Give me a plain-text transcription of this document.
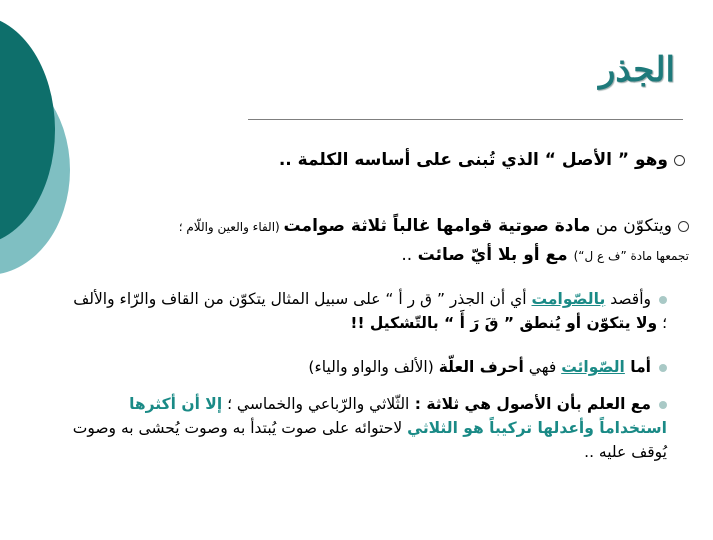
الجذر
وهو ” الأصل “ الذي تُبنى على أساسه الكلمة ..
ويتكوّن من مادة صوتية قوامها غالباً ثلاثة صوامت (الفاء والعين واللّام ؛
تجمعها مادة ”ف ع ل“) مع أو بلا أيّ صائت ..
وأقصد بالصّوامت أي أن الجذر ” ق ر أ “ على سبيل المثال يتكوّن من القاف والرّاء والألف ؛ ولا يتكوّن أو يُنطق ” قَ رَ أَ “ بالتّشكيل !!
أما الصّوائت فهي أحرف العلّة (الألف والواو والياء)
مع العلم بأن الأصول هي ثلاثة : الثّلاثي والرّباعي والخماسي ؛ إلا أن أكثرها استخداماً وأعدلها تركيباً هو الثلاثي لاحتوائه على صوت يُبتدأ به وصوت يُحشى به وصوت يُوقف عليه ..
